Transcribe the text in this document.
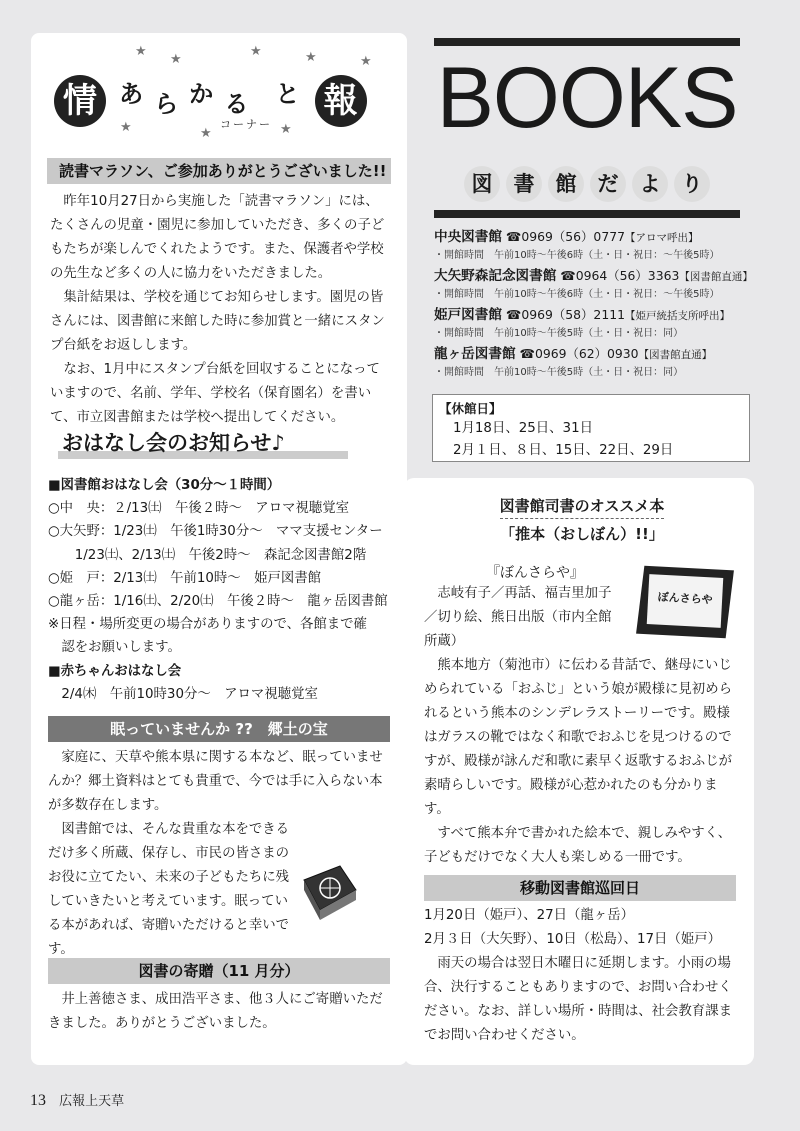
★
★
★	★
★	★	★
★
情 あ ら か る と 報
コーナー
読書マラソン、ご参加ありがとうございました!!

昨年10月27日から実施した「読書マラソン」には、たくさんの児童・園児に参加していただき、多くの子どもたちが楽しんでくれたようです。また、保護者や学校の先生など多くの人に協力をいただきました。

集計結果は、学校を通じてお知らせします。園児の皆さんには、図書館に来館した時に参加賞と一緒にスタンプ台紙をお返しします。

なお、1月中にスタンプ台紙を回収することになっていますので、名前、学年、学校名（保育園名）を書いて、市立図書館または学校へ提出してください。

おはなし会のお知らせ♪

■図書館おはなし会（30分～１時間）

○中　央：２/13㈯　午後２時～　アロマ視聴覚室

○大矢野：1/23㈯　午後1時30分～　ママ支援センター

　　1/23㈯、2/13㈯　午後2時～　森記念図書館2階

○姫　戸：2/13㈯　午前10時～　姫戸図書館

○龍ヶ岳：1/16㈯、2/20㈯　午後２時～　龍ヶ岳図書館

※日程・場所変更の場合がありますので、各館まで確

　認をお願いします。

■赤ちゃんおはなし会

　2/4㈭　午前10時30分～　アロマ視聴覚室

眠っていませんか ??　郷土の宝

家庭に、天草や熊本県に関する本など、眠っていませんか？郷土資料はとても貴重で、今では手に入らない本が多数存在します。

図書館では、そんな貴重な本をできるだけ多く所蔵、保存し、市民の皆さまのお役に立てたい、未来の子どもたちに残していきたいと考えています。眠っている本があれば、寄贈いただけると幸いです。

図書の寄贈（11 月分）
井上善徳さま、成田浩平さま、他３人にご寄贈いただきました。ありがとうございました。
BOOKS
図 書 館 だ よ り
中央図書館 ☎0969（56）0777【アロマ呼出】
・開館時間　午前10時～午後6時（土・日・祝日：～午後5時）
大矢野森記念図書館 ☎0964（56）3363【図書館直通】
・開館時間　午前10時～午後6時（土・日・祝日：～午後5時）
姫戸図書館 ☎0969（58）2111【姫戸統括支所呼出】
・開館時間　午前10時～午後5時（土・日・祝日：同）
龍ヶ岳図書館 ☎0969（62）0930【図書館直通】
・開館時間　午前10時～午後5時（土・日・祝日：同）
【休館日】
1月18日、25日、31日
2月１日、８日、15日、22日、29日
図書館司書のオススメ本
「推本（おしぼん）!!」
『ぼんさらや』

志岐有子／再話、福吉里加子

／切り絵、熊日出版（市内全館

所蔵）

ぼんさらや

熊本地方（菊池市）に伝わる昔話で、継母にいじめられている「おふじ」という娘が殿様に見初められるという熊本のシンデレラストーリーです。殿様はガラスの靴ではなく和歌でおふじを見つけるのですが、殿様が詠んだ和歌に素早く返歌するおふじが素晴らしいです。殿様が心惹かれたのも分かります。

すべて熊本弁で書かれた絵本で、親しみやすく、子どもだけでなく大人も楽しめる一冊です。

移動図書館巡回日

1月20日（姫戸）、27日（龍ヶ岳）

2月３日（大矢野）、10日（松島）、17日（姫戸）

雨天の場合は翌日木曜日に延期します。小雨の場合、決行することもありますので、お問い合わせください。なお、詳しい場所・時間は、社会教育課までお問い合わせください。

13 広報上天草
